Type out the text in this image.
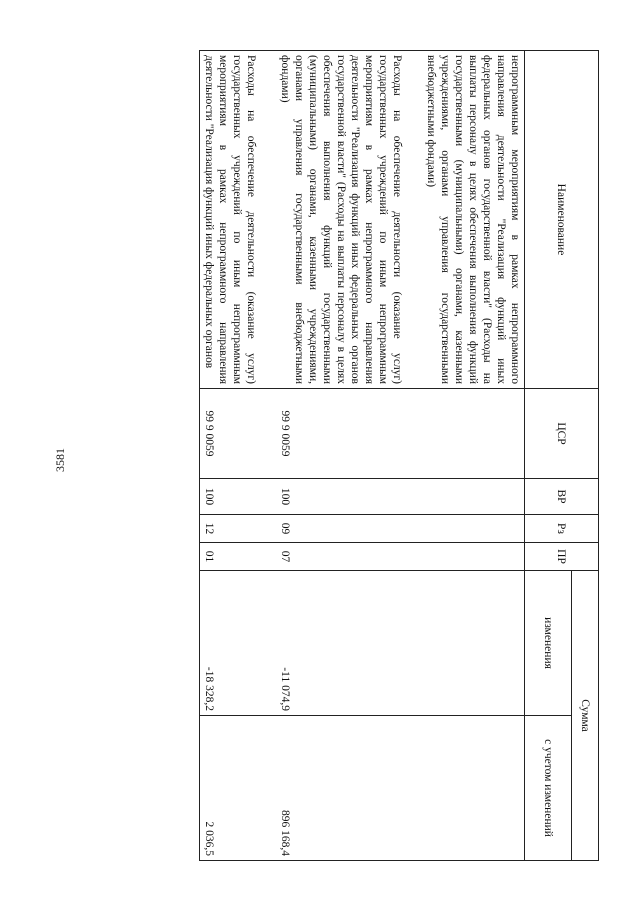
3581
Наименование	ЦСР	ВР	Рз	ПР	Сумма	
					изменения	с учетом изменений
непрограммным мероприятиям в рамках непрограммного направления деятельности "Реализация функций иных федеральных органов государственной власти" (Расходы на выплаты персоналу в целях обеспечения выполнения функций государственными (муниципальными) органами, казенными учреждениями, органами управления государственными внебюджетными фондами)						

Расходы на обеспечение деятельности (оказание услуг) государственных учреждений по иным непрограммным мероприятиям в рамках непрограммного направления деятельности "Реализация функций иных федеральных органов государственной власти" (Расходы на выплаты персоналу в целях обеспечения выполнения функций государственными (муниципальными) органами, казенными учреждениями, органами управления государственными внебюджетными фондами)	99 9 0059	100	09	07	-11 074,9	896 168,4

Расходы на обеспечение деятельности (оказание услуг) государственных учреждений по иным непрограммным мероприятиям в рамках непрограммного направления деятельности "Реализация функций иных федеральных органов	99 9 0059	100	12	01	-18 328,2	2 036,5
